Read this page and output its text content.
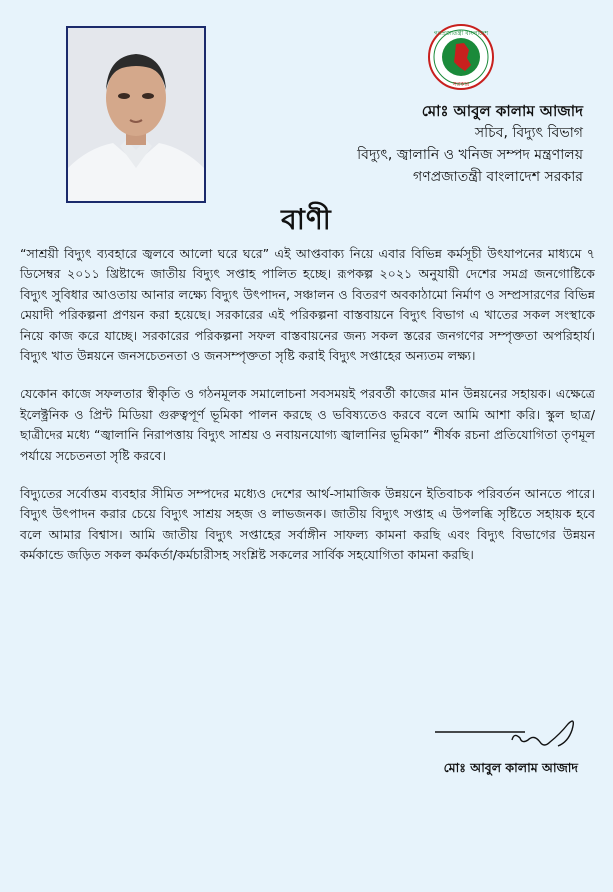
গণপ্রজাতন্ত্রী বাংলাদেশ
সরকার
মোঃ আবুল কালাম আজাদ
সচিব, বিদ্যুৎ বিভাগ
বিদ্যুৎ, জ্বালানি ও খনিজ সম্পদ মন্ত্রণালয়
গণপ্রজাতন্ত্রী বাংলাদেশ সরকার
বাণী

“সাশ্রয়ী বিদ্যুৎ ব্যবহারে জ্বলবে আলো ঘরে ঘরে” এই আপ্তবাক্য নিয়ে এবার বিভিন্ন কর্মসূচী উৎযাপনের মাধ্যমে ৭ ডিসেম্বর ২০১১ খ্রিষ্টাব্দে জাতীয় বিদ্যুৎ সপ্তাহ পালিত হচ্ছে। রূপকল্প ২০২১ অনুযায়ী দেশের সমগ্র জনগোষ্টিকে বিদ্যুৎ সুবিধার আওতায় আনার লক্ষ্যে বিদ্যুৎ উৎপাদন, সঞ্চালন ও বিতরণ অবকাঠামো নির্মাণ ও সম্প্রসারণের বিভিন্ন মেয়াদী পরিকল্পনা প্রণয়ন করা হয়েছে। সরকারের এই পরিকল্পনা বাস্তবায়নে বিদ্যুৎ বিভাগ এ খাতের সকল সংস্থাকে নিয়ে কাজ করে যাচ্ছে। সরকারের পরিকল্পনা সফল বাস্তবায়নের জন্য সকল স্তরের জনগণের সম্পৃক্ততা অপরিহার্য। বিদ্যুৎ খাত উন্নয়নে জনসচেতনতা ও জনসম্পৃক্ততা সৃষ্টি করাই বিদ্যুৎ সপ্তাহের অন্যতম লক্ষ্য।

যেকোন কাজে সফলতার স্বীকৃতি ও গঠনমূলক সমালোচনা সবসময়ই পরবর্তী কাজের মান উন্নয়নের সহায়ক। এক্ষেত্রে ইলেক্ট্রনিক ও প্রিন্ট মিডিয়া গুরুত্বপূর্ণ ভূমিকা পালন করছে ও ভবিষ্যতেও করবে বলে আমি আশা করি। স্কুল ছাত্র/ছাত্রীদের মধ্যে “জ্বালানি নিরাপত্তায় বিদ্যুৎ সাশ্রয় ও নবায়নযোগ্য জ্বালানির ভূমিকা” শীর্ষক রচনা প্রতিযোগিতা তৃণমূল পর্যায়ে সচেতনতা সৃষ্টি করবে।

বিদ্যুতের সর্বোত্তম ব্যবহার সীমিত সম্পদের মধ্যেও দেশের আর্থ-সামাজিক উন্নয়নে ইতিবাচক পরিবর্তন আনতে পারে। বিদ্যুৎ উৎপাদন করার চেয়ে বিদ্যুৎ সাশ্রয় সহজ ও লাভজনক। জাতীয় বিদ্যুৎ সপ্তাহ এ উপলব্ধি সৃষ্টিতে সহায়ক হবে বলে আমার বিশ্বাস। আমি জাতীয় বিদ্যুৎ সপ্তাহের সর্বাঙ্গীন সাফল্য কামনা করছি এবং বিদ্যুৎ বিভাগের উন্নয়ন কর্মকান্ডে জড়িত সকল কর্মকর্তা/কর্মচারীসহ সংশ্লিষ্ট সকলের সার্বিক সহযোগিতা কামনা করছি।

মোঃ আবুল কালাম আজাদ
